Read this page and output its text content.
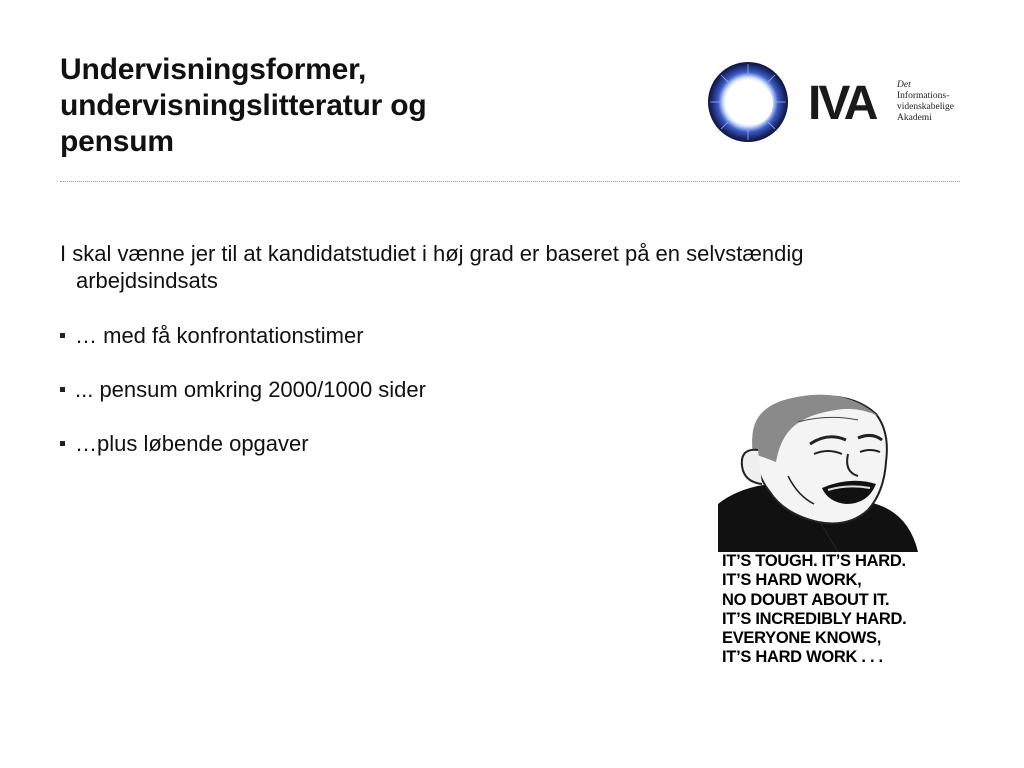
Undervisningsformer,
undervisningslitteratur og
pensum
IVA Det
Informations-
videnskabelige
Akademi
I skal vænne jer til at kandidatstudiet i høj grad er baseret på en selvstændig
arbejdsindsats
… med få konfrontationstimer
... pensum omkring 2000/1000 sider
…plus løbende opgaver
IT’S TOUGH. IT’S HARD.
IT’S HARD WORK,
NO DOUBT ABOUT IT.
IT’S INCREDIBLY HARD.
EVERYONE KNOWS,
IT’S HARD WORK . . .
